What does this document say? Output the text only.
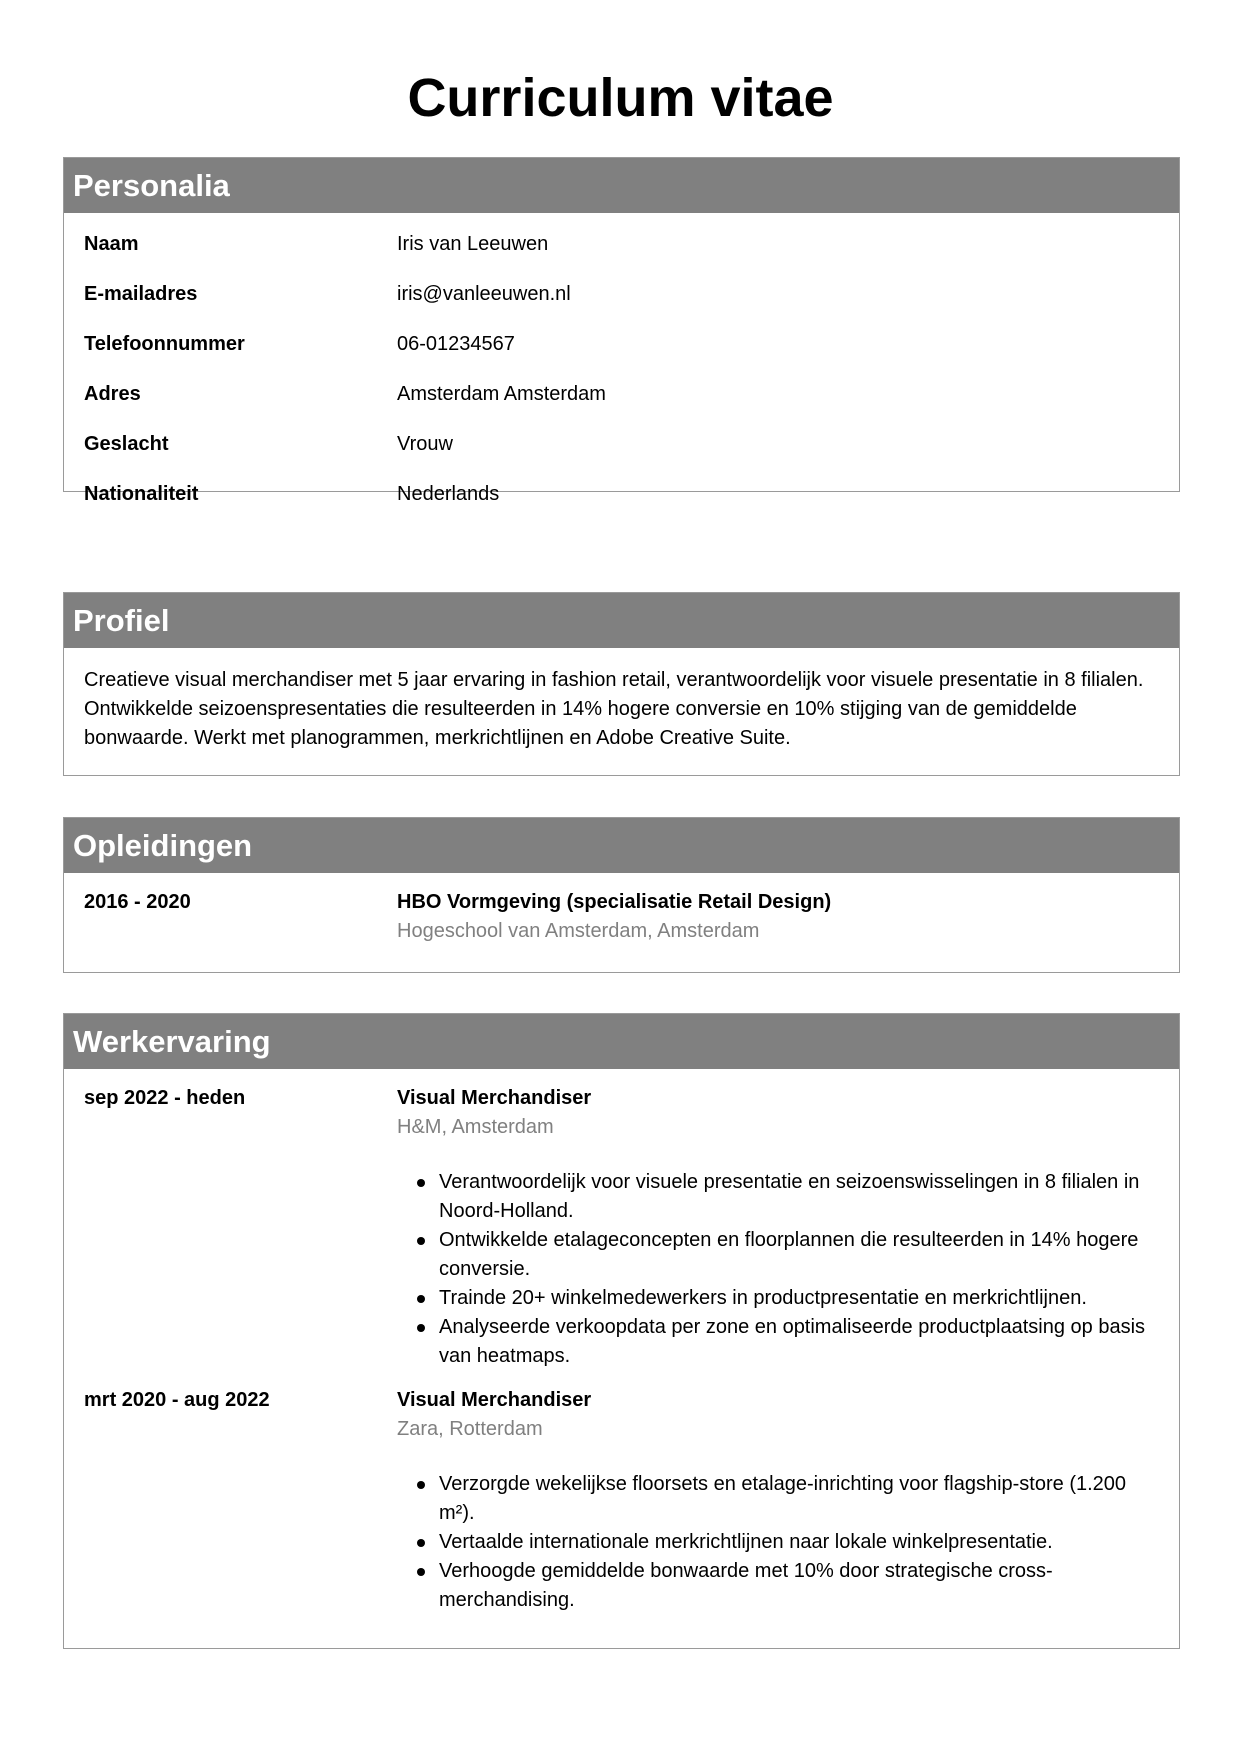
Curriculum vitae
Personalia
Naam	Iris van Leeuwen
E-mailadres	iris@vanleeuwen.nl
Telefoonnummer	06-01234567
Adres	Amsterdam Amsterdam
Geslacht	Vrouw
Nationaliteit	Nederlands
Profiel

Creatieve visual merchandiser met 5 jaar ervaring in fashion retail, verantwoordelijk voor visuele presentatie in 8 filialen. Ontwikkelde seizoenspresentaties die resulteerden in 14% hogere conversie en 10% stijging van de gemiddelde bonwaarde. Werkt met planogrammen, merkrichtlijnen en Adobe Creative Suite.

Opleidingen
2016 - 2020	HBO Vormgeving (specialisatie Retail Design)
Hogeschool van Amsterdam, Amsterdam
Werkervaring
sep 2022 - heden	Visual Merchandiser
H&M, Amsterdam
Verantwoordelijk voor visuele presentatie en seizoenswisselingen in 8 filialen in Noord-Holland.
Ontwikkelde etalageconcepten en floorplannen die resulteerden in 14% hogere conversie.
Trainde 20+ winkelmedewerkers in productpresentatie en merkrichtlijnen.
Analyseerde verkoopdata per zone en optimaliseerde productplaatsing op basis van heatmaps.
mrt 2020 - aug 2022	Visual Merchandiser
Zara, Rotterdam
Verzorgde wekelijkse floorsets en etalage-inrichting voor flagship-store (1.200 m²).
Vertaalde internationale merkrichtlijnen naar lokale winkelpresentatie.
Verhoogde gemiddelde bonwaarde met 10% door strategische cross-merchandising.
